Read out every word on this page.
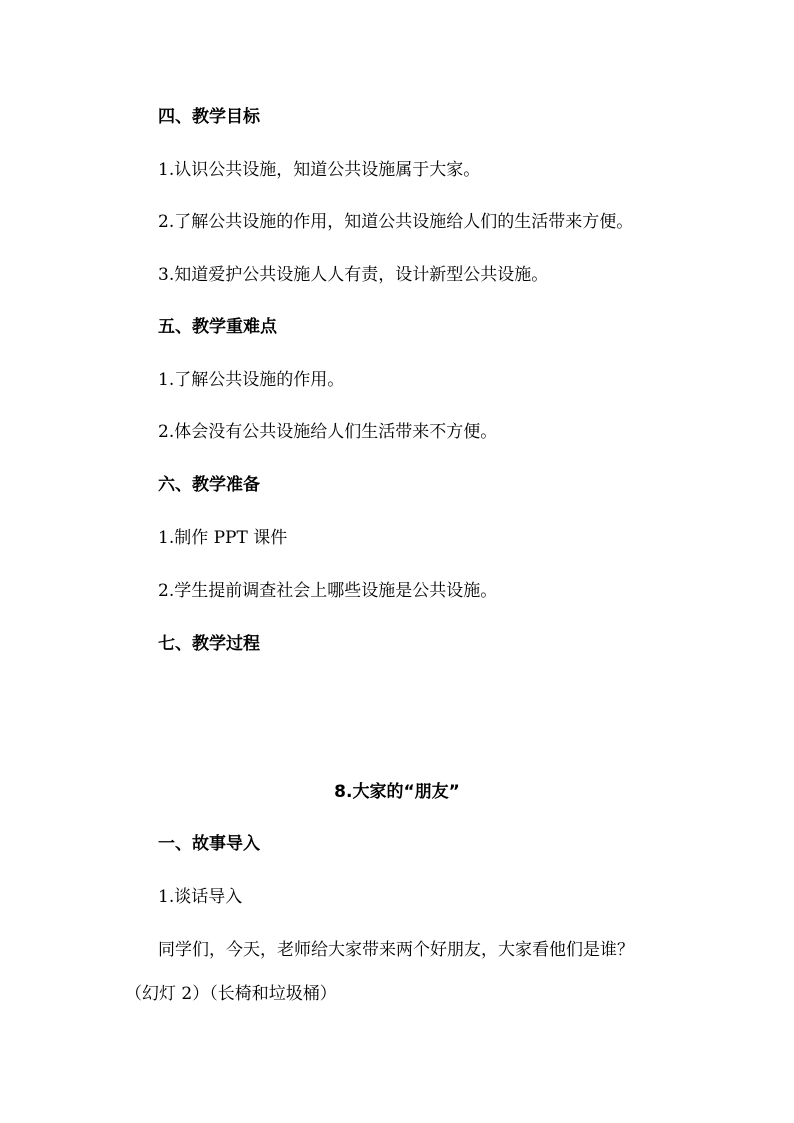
四、教学目标
1.认识公共设施，知道公共设施属于大家。
2.了解公共设施的作用，知道公共设施给人们的生活带来方便。
3.知道爱护公共设施人人有责，设计新型公共设施。
五、教学重难点
1.了解公共设施的作用。
2.体会没有公共设施给人们生活带来不方便。
六、教学准备
1.制作 PPT 课件
2.学生提前调查社会上哪些设施是公共设施。
七、教学过程
8.大家的“朋友”
一、故事导入
1.谈话导入
同学们，今天，老师给大家带来两个好朋友，大家看他们是谁？
（幻灯 2）（长椅和垃圾桶）
